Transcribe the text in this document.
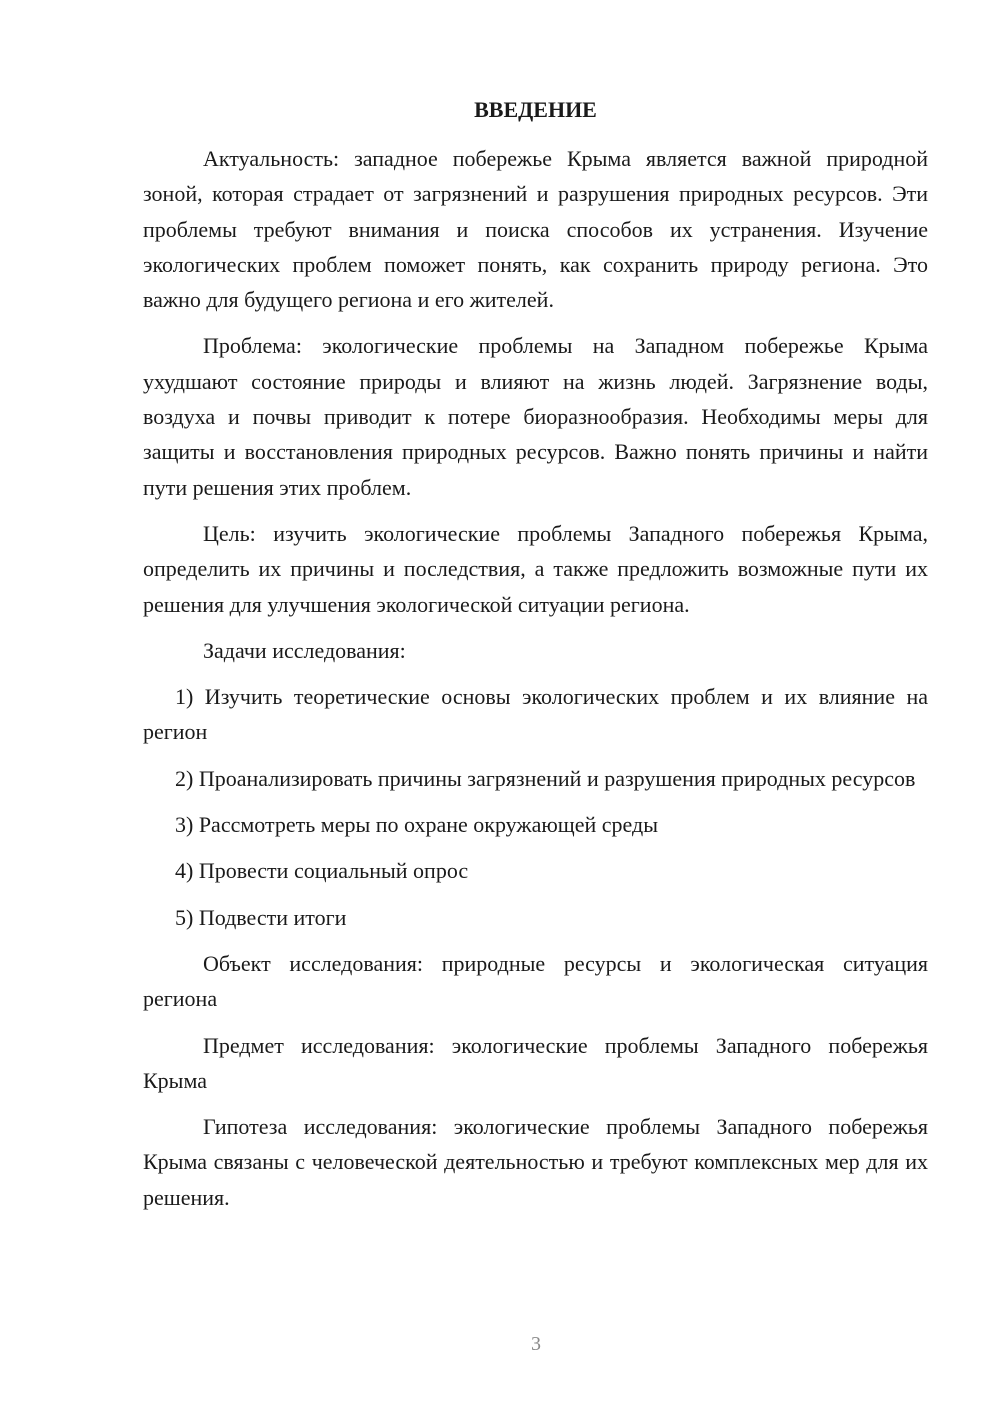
ВВЕДЕНИЕ

Актуальность: западное побережье Крыма является важной природной зоной, которая страдает от загрязнений и разрушения природных ресурсов. Эти проблемы требуют внимания и поиска способов их устранения. Изучение экологических проблем поможет понять, как сохранить природу региона. Это важно для будущего региона и его жителей.

Проблема: экологические проблемы на Западном побережье Крыма ухудшают состояние природы и влияют на жизнь людей. Загрязнение воды, воздуха и почвы приводит к потере биоразнообразия. Необходимы меры для защиты и восстановления природных ресурсов. Важно понять причины и найти пути решения этих проблем.

Цель: изучить экологические проблемы Западного побережья Крыма, определить их причины и последствия, а также предложить возможные пути их решения для улучшения экологической ситуации региона.

Задачи исследования:

1) Изучить теоретические основы экологических проблем и их влияние на регион

2) Проанализировать причины загрязнений и разрушения природных ресурсов

3) Рассмотреть меры по охране окружающей среды

4) Провести социальный опрос

5) Подвести итоги

Объект исследования: природные ресурсы и экологическая ситуация региона

Предмет исследования: экологические проблемы Западного побережья Крыма

Гипотеза исследования: экологические проблемы Западного побережья Крыма связаны с человеческой деятельностью и требуют комплексных мер для их решения.

3
